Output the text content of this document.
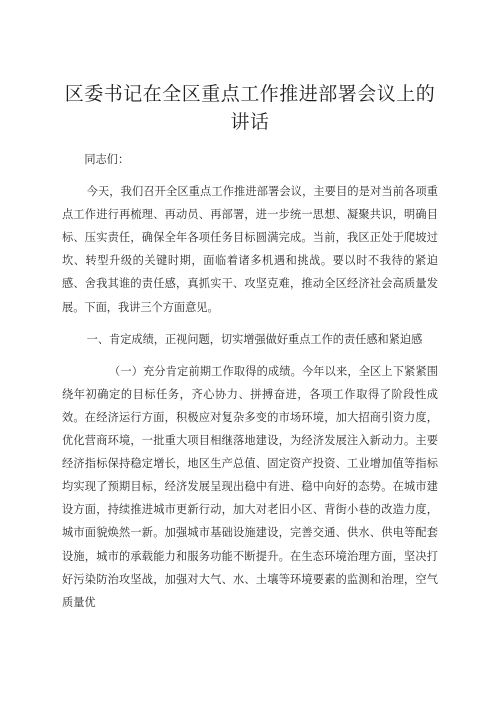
区委书记在全区重点工作推进部署会议上的讲话

同志们：

今天，我们召开全区重点工作推进部署会议，主要目的是对当前各项重点工作进行再梳理、再动员、再部署，进一步统一思想、凝聚共识，明确目标、压实责任，确保全年各项任务目标圆满完成。当前，我区正处于爬坡过坎、转型升级的关键时期，面临着诸多机遇和挑战。要以时不我待的紧迫感、舍我其谁的责任感，真抓实干、攻坚克难，推动全区经济社会高质量发展。下面，我讲三个方面意见。

一、肯定成绩，正视问题，切实增强做好重点工作的责任感和紧迫感

（一）充分肯定前期工作取得的成绩。今年以来，全区上下紧紧围绕年初确定的目标任务，齐心协力、拼搏奋进，各项工作取得了阶段性成效。在经济运行方面，积极应对复杂多变的市场环境，加大招商引资力度，优化营商环境，一批重大项目相继落地建设，为经济发展注入新动力。主要经济指标保持稳定增长，地区生产总值、固定资产投资、工业增加值等指标均实现了预期目标，经济发展呈现出稳中有进、稳中向好的态势。在城市建设方面，持续推进城市更新行动，加大对老旧小区、背街小巷的改造力度，城市面貌焕然一新。加强城市基础设施建设，完善交通、供水、供电等配套设施，城市的承载能力和服务功能不断提升。在生态环境治理方面，坚决打好污染防治攻坚战，加强对大气、水、土壤等环境要素的监测和治理，空气质量优
